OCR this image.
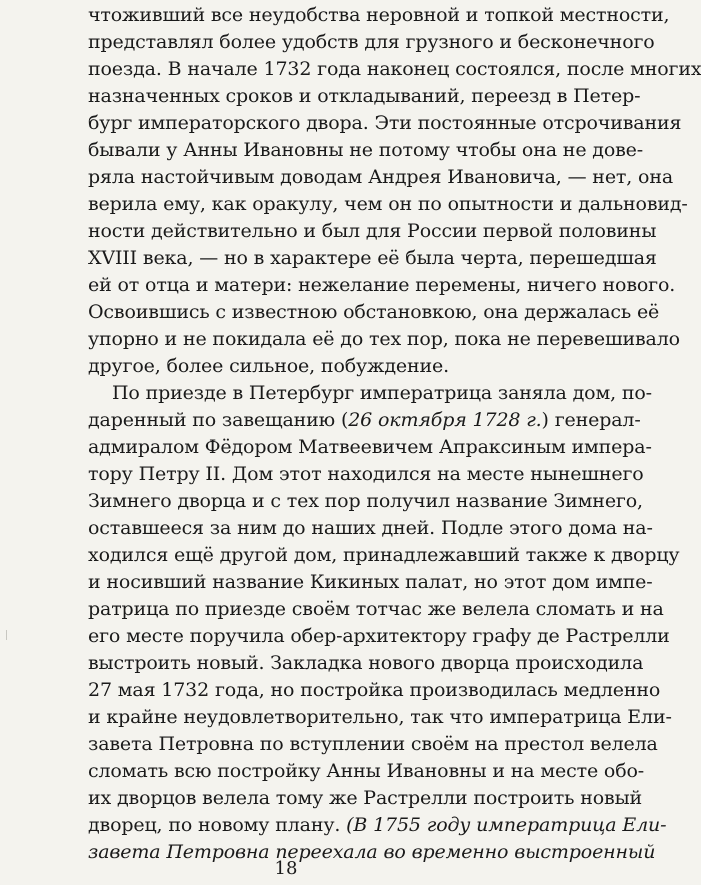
чтоживший все неудобства неровной и топкой местности,
представлял более удобств для грузного и бесконечного
поезда. В начале 1732 года наконец состоялся, после многих
назначенных сроков и откладываний, переезд в Петер-
бург императорского двора. Эти постоянные отсрочивания
бывали у Анны Ивановны не потому чтобы она не дове-
ряла настойчивым доводам Андрея Ивановича, — нет, она
верила ему, как оракулу, чем он по опытности и дальновид-
ности действительно и был для России первой половины
XVIII века, — но в характере её была черта, перешедшая
ей от отца и матери: нежелание перемены, ничего нового.
Освоившись с известною обстановкою, она держалась её
упорно и не покидала её до тех пор, пока не перевешивало
другое, более сильное, побуждение.
По приезде в Петербург императрица заняла дом, по-
даренный по завещанию (26 октября 1728 г.) генерал-
адмиралом Фёдором Матвеевичем Апраксиным импера-
тору Петру II. Дом этот находился на месте нынешнего
Зимнего дворца и с тех пор получил название Зимнего,
оставшееся за ним до наших дней. Подле этого дома на-
ходился ещё другой дом, принадлежавший также к дворцу
и носивший название Кикиных палат, но этот дом импе-
ратрица по приезде своём тотчас же велела сломать и на
его месте поручила обер-архитектору графу де Растрелли
выстроить новый. Закладка нового дворца происходила
27 мая 1732 года, но постройка производилась медленно
и крайне неудовлетворительно, так что императрица Ели-
завета Петровна по вступлении своём на престол велела
сломать всю постройку Анны Ивановны и на месте обо-
их дворцов велела тому же Растрелли построить новый
дворец, по новому плану. (В 1755 году императрица Ели-
завета Петровна переехала во временно выстроенный
18
